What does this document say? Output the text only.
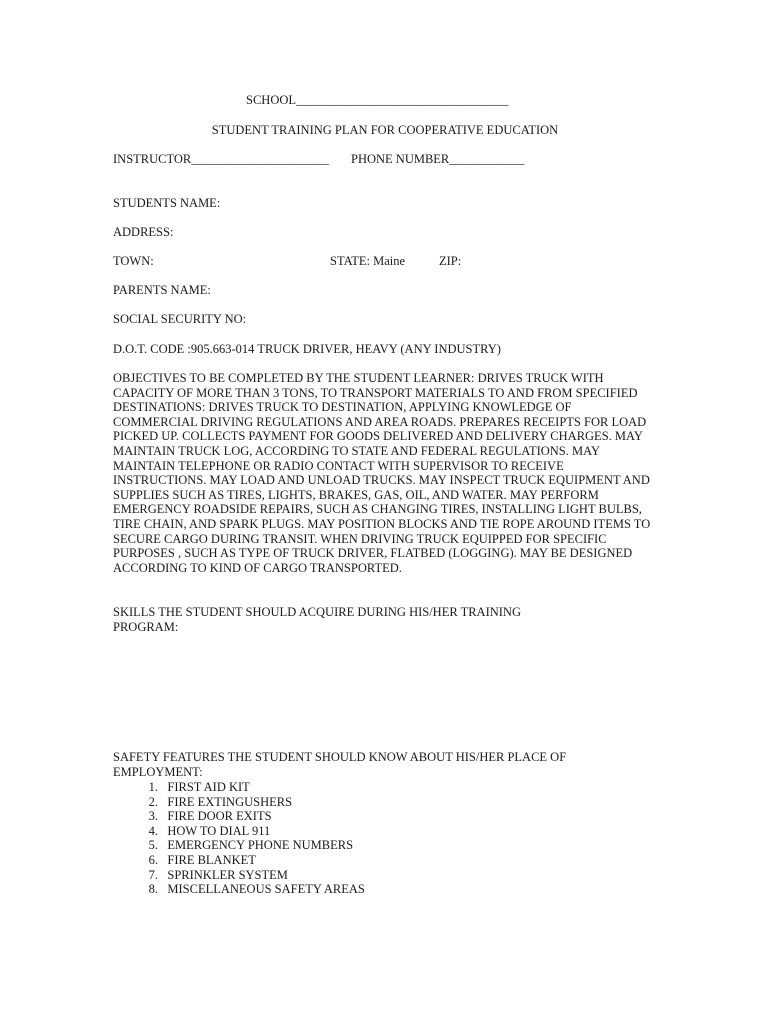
SCHOOL__________________________________
STUDENT TRAINING PLAN FOR COOPERATIVE EDUCATION
INSTRUCTOR______________________ PHONE NUMBER____________
STUDENTS NAME:
ADDRESS:
TOWN:	STATE: Maine	ZIP:
PARENTS NAME:
SOCIAL SECURITY NO:
D.O.T. CODE :905.663-014 TRUCK DRIVER, HEAVY (ANY INDUSTRY)
OBJECTIVES TO BE COMPLETED BY THE STUDENT LEARNER: DRIVES TRUCK WITH CAPACITY OF MORE THAN 3 TONS, TO TRANSPORT MATERIALS TO AND FROM SPECIFIED DESTINATIONS: DRIVES TRUCK TO DESTINATION, APPLYING KNOWLEDGE OF COMMERCIAL DRIVING REGULATIONS AND AREA ROADS. PREPARES RECEIPTS FOR LOAD PICKED UP. COLLECTS PAYMENT FOR GOODS DELIVERED AND DELIVERY CHARGES. MAY MAINTAIN TRUCK LOG, ACCORDING TO STATE AND FEDERAL REGULATIONS. MAY MAINTAIN TELEPHONE OR RADIO CONTACT WITH SUPERVISOR TO RECEIVE INSTRUCTIONS. MAY LOAD AND UNLOAD TRUCKS. MAY INSPECT TRUCK EQUIPMENT AND SUPPLIES SUCH AS TIRES, LIGHTS, BRAKES, GAS, OIL, AND WATER. MAY PERFORM EMERGENCY ROADSIDE REPAIRS, SUCH AS CHANGING TIRES, INSTALLING LIGHT BULBS, TIRE CHAIN, AND SPARK PLUGS. MAY POSITION BLOCKS AND TIE ROPE AROUND ITEMS TO SECURE CARGO DURING TRANSIT. WHEN DRIVING TRUCK EQUIPPED FOR SPECIFIC PURPOSES , SUCH AS TYPE OF TRUCK DRIVER, FLATBED (LOGGING). MAY BE DESIGNED ACCORDING TO KIND OF CARGO TRANSPORTED.
SKILLS THE STUDENT SHOULD ACQUIRE DURING HIS/HER TRAINING PROGRAM:
SAFETY FEATURES THE STUDENT SHOULD KNOW ABOUT HIS/HER PLACE OF EMPLOYMENT:
1. FIRST AID KIT
2. FIRE EXTINGUSHERS
3. FIRE DOOR EXITS
4. HOW TO DIAL 911
5. EMERGENCY PHONE NUMBERS
6. FIRE BLANKET
7. SPRINKLER SYSTEM
8. MISCELLANEOUS SAFETY AREAS
